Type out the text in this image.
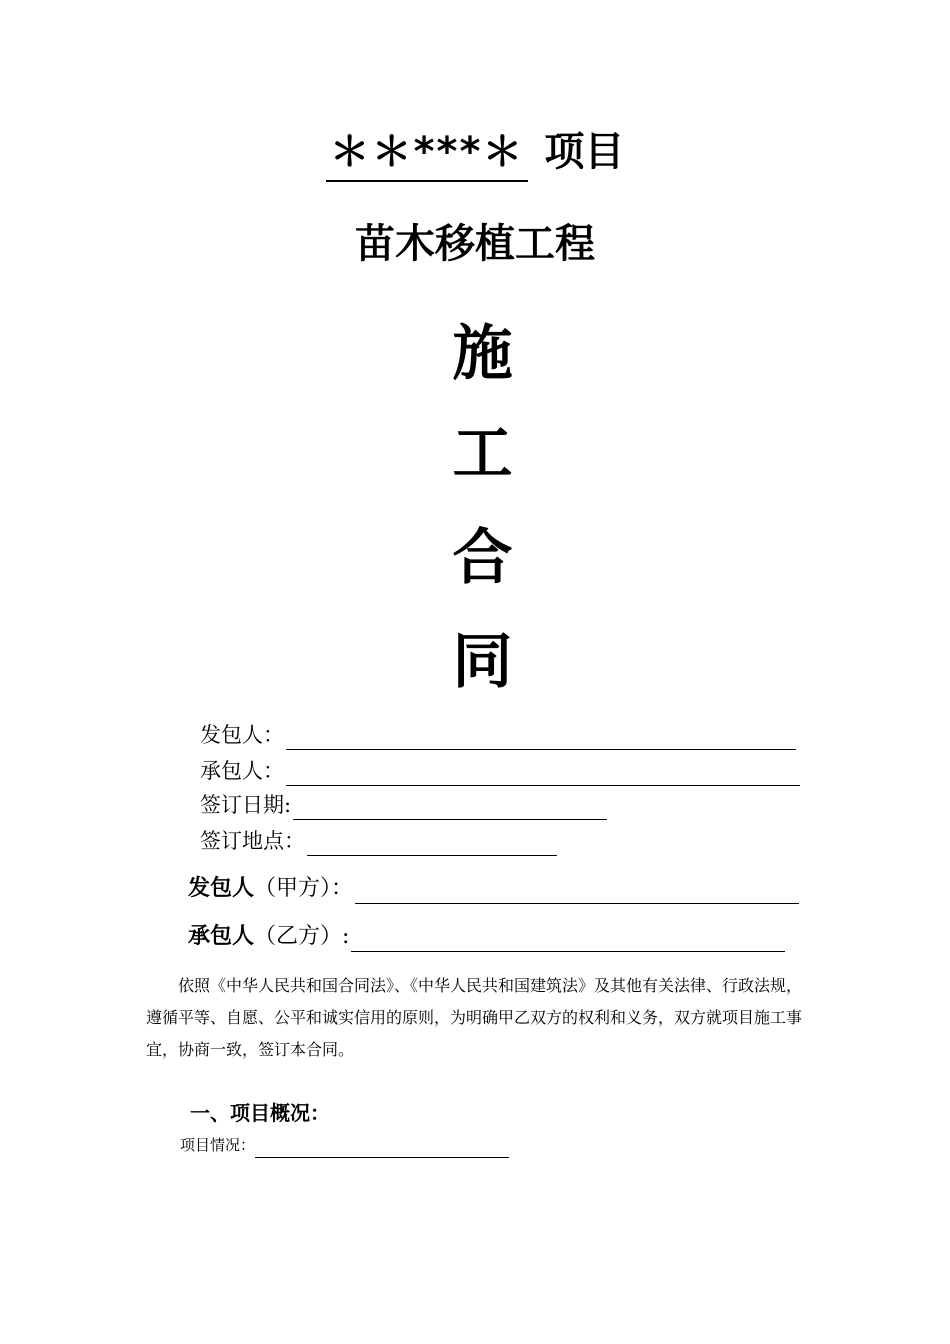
＊＊***＊ 项目
苗木移植工程
施
工
合
同
发包人：
承包人：
签订日期:
签订地点：
发包人 （甲方）：
承包人 （乙方）:
依照《中华人民共和国合同法》、《中华人民共和国建筑法》及其他有关法律、行政法规，遵循平等、自愿、公平和诚实信用的原则，为明确甲乙双方的权利和义务，双方就项目施工事宜，协商一致，签订本合同。
一、项目概况：
项目情况：
